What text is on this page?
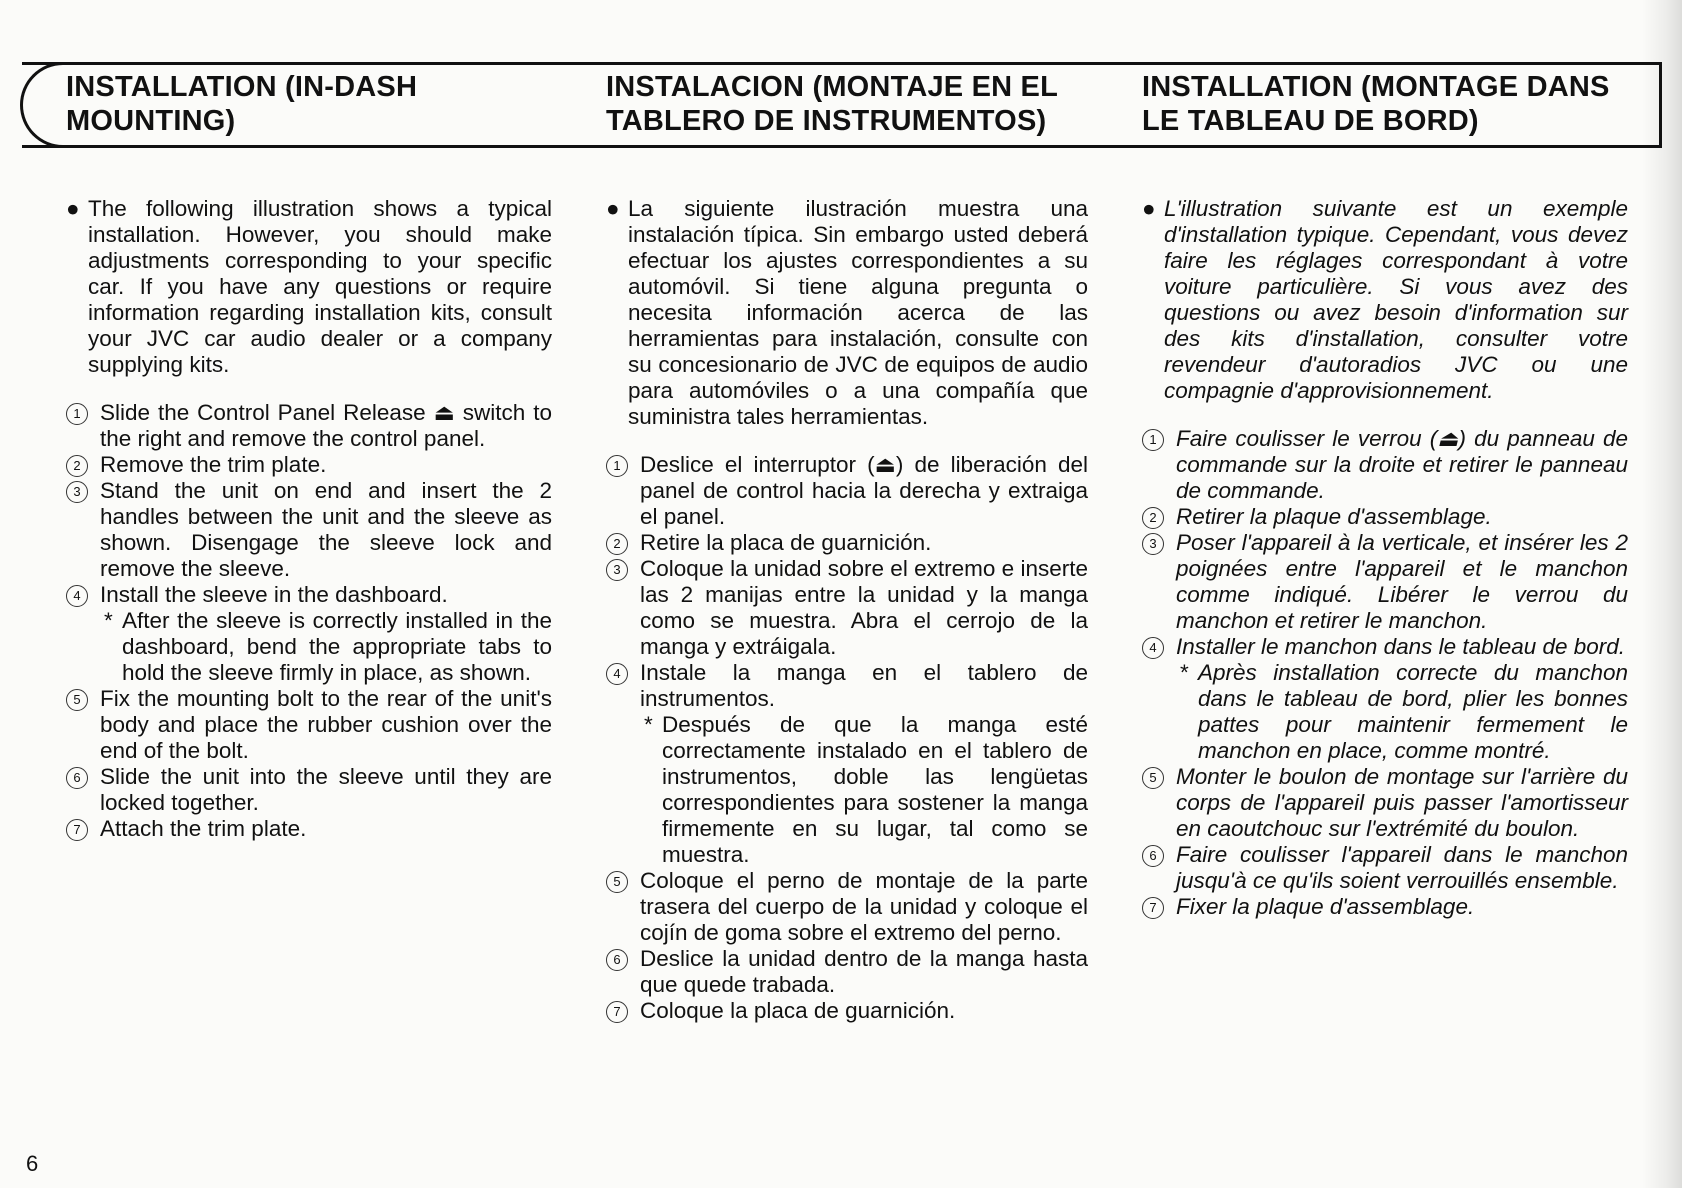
INSTALLATION (IN-DASH MOUNTING)
INSTALACION (MONTAJE EN EL TABLERO DE INSTRUMENTOS)
INSTALLATION (MONTAGE DANS LE TABLEAU DE BORD)

● The following illustration shows a typical installation. However, you should make adjustments corresponding to your specific car. If you have any questions or require information regarding installation kits, consult your JVC car audio dealer or a company supplying kits.

1 Slide the Control Panel Release ⏏ switch to the right and remove the control panel.
2 Remove the trim plate.
3 Stand the unit on end and insert the 2 handles between the unit and the sleeve as shown. Disengage the sleeve lock and remove the sleeve.
4 Install the sleeve in the dashboard.

* After the sleeve is correctly installed in the dashboard, bend the appropriate tabs to hold the sleeve firmly in place, as shown.

5 Fix the mounting bolt to the rear of the unit's body and place the rubber cushion over the end of the bolt.
6 Slide the unit into the sleeve until they are locked together.
7 Attach the trim plate.

● La siguiente ilustración muestra una instalación típica. Sin embargo usted deberá efectuar los ajustes correspondientes a su automóvil. Si tiene alguna pregunta o necesita información acerca de las herramientas para instalación, consulte con su concesionario de JVC de equipos de audio para automóviles o a una compañía que suministra tales herramientas.

1 Deslice el interruptor (⏏) de liberación del panel de control hacia la derecha y extraiga el panel.
2 Retire la placa de guarnición.
3 Coloque la unidad sobre el extremo e inserte las 2 manijas entre la unidad y la manga como se muestra. Abra el cerrojo de la manga y extráigala.
4 Instale la manga en el tablero de instrumentos.

* Después de que la manga esté correctamente instalado en el tablero de instrumentos, doble las lengüetas correspondientes para sostener la manga firmemente en su lugar, tal como se muestra.

5 Coloque el perno de montaje de la parte trasera del cuerpo de la unidad y coloque el cojín de goma sobre el extremo del perno.
6 Deslice la unidad dentro de la manga hasta que quede trabada.
7 Coloque la placa de guarnición.

● L'illustration suivante est un exemple d'installation typique. Cependant, vous devez faire les réglages correspondant à votre voiture particulière. Si vous avez des questions ou avez besoin d'information sur des kits d'installation, consulter votre revendeur d'autoradios JVC ou une compagnie d'approvisionnement.

1 Faire coulisser le verrou (⏏) du panneau de commande sur la droite et retirer le panneau de commande.
2 Retirer la plaque d'assemblage.
3 Poser l'appareil à la verticale, et insérer les 2 poignées entre l'appareil et le manchon comme indiqué. Libérer le verrou du manchon et retirer le manchon.
4 Installer le manchon dans le tableau de bord.

* Après installation correcte du manchon dans le tableau de bord, plier les bonnes pattes pour maintenir fermement le manchon en place, comme montré.

5 Monter le boulon de montage sur l'arrière du corps de l'appareil puis passer l'amortisseur en caoutchouc sur l'extrémité du boulon.
6 Faire coulisser l'appareil dans le manchon jusqu'à ce qu'ils soient verrouillés ensemble.
7 Fixer la plaque d'assemblage.
6
